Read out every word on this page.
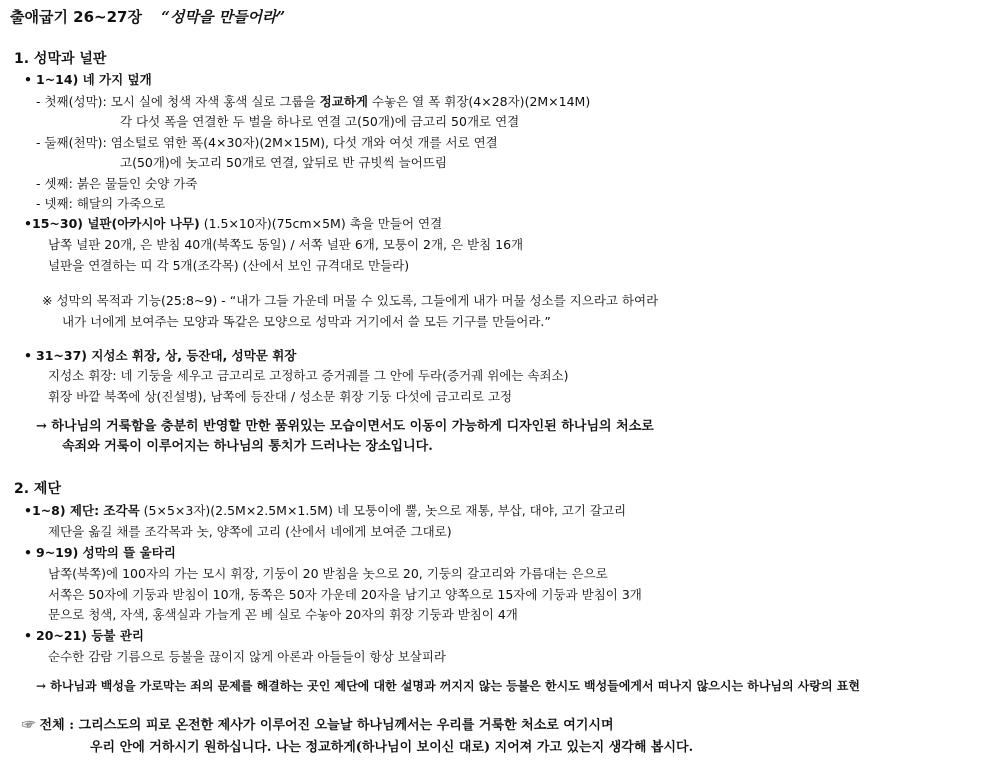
출애굽기 26~27장 “성막을 만들어라”
1. 성막과 널판
• 1~14) 네 가지 덮개
- 첫째(성막): 모시 실에 청색 자색 홍색 실로 그룹을 정교하게 수놓은 열 폭 휘장(4×28자)(2M×14M)
각 다섯 폭을 연결한 두 벌을 하나로 연결 고(50개)에 금고리 50개로 연결
- 둘째(천막): 염소털로 엮한 폭(4×30자)(2M×15M), 다섯 개와 여섯 개를 서로 연결
고(50개)에 놋고리 50개로 연결, 앞뒤로 반 규빗씩 늘어뜨림
- 셋째: 붉은 물들인 숫양 가죽
- 넷째: 해달의 가죽으로
•15~30) 널판(아카시아 나무) (1.5×10자)(75cm×5M) 촉을 만들어 연결
남쪽 널판 20개, 은 받침 40개(북쪽도 동일) / 서쪽 널판 6개, 모퉁이 2개, 은 받침 16개
널판을 연결하는 띠 각 5개(조각목) (산에서 보인 규격대로 만들라)
※ 성막의 목적과 기능(25:8~9) - “내가 그들 가운데 머물 수 있도록, 그들에게 내가 머물 성소를 지으라고 하여라
내가 너에게 보여주는 모양과 똑같은 모양으로 성막과 거기에서 쓸 모든 기구를 만들어라.”
• 31~37) 지성소 휘장, 상, 등잔대, 성막문 휘장
지성소 휘장: 네 기둥을 세우고 금고리로 고정하고 증거궤를 그 안에 두라(증거궤 위에는 속죄소)
휘장 바깥 북쪽에 상(진설병), 남쪽에 등잔대 / 성소문 휘장 기둥 다섯에 금고리로 고정
→ 하나님의 거룩함을 충분히 반영할 만한 품위있는 모습이면서도 이동이 가능하게 디자인된 하나님의 처소로
속죄와 거룩이 이루어지는 하나님의 통치가 드러나는 장소입니다.
2. 제단
•1~8) 제단: 조각목 (5×5×3자)(2.5M×2.5M×1.5M) 네 모퉁이에 뿔, 놋으로 재통, 부삽, 대야, 고기 갈고리
제단을 옮길 채를 조각목과 놋, 양쪽에 고리 (산에서 네에게 보여준 그대로)
• 9~19) 성막의 뜰 울타리
남쪽(북쪽)에 100자의 가는 모시 휘장, 기둥이 20 받침을 놋으로 20, 기둥의 갈고리와 가름대는 은으로
서쪽은 50자에 기둥과 받침이 10개, 동쪽은 50자 가운데 20자을 남기고 양쪽으로 15자에 기둥과 받침이 3개
문으로 청색, 자색, 홍색실과 가늘게 꼰 베 실로 수놓아 20자의 휘장 기둥과 받침이 4개
• 20~21) 등불 관리
순수한 감람 기름으로 등불을 끊이지 않게 아론과 아들들이 항상 보살피라
→ 하나님과 백성을 가로막는 죄의 문제를 해결하는 곳인 제단에 대한 설명과 꺼지지 않는 등불은 한시도 백성들에게서 떠나지 않으시는 하나님의 사랑의 표현
☞ 전체 : 그리스도의 피로 온전한 제사가 이루어진 오늘날 하나님께서는 우리를 거룩한 처소로 여기시며
우리 안에 거하시기 원하십니다. 나는 정교하게(하나님이 보이신 대로) 지어져 가고 있는지 생각해 봅시다.
